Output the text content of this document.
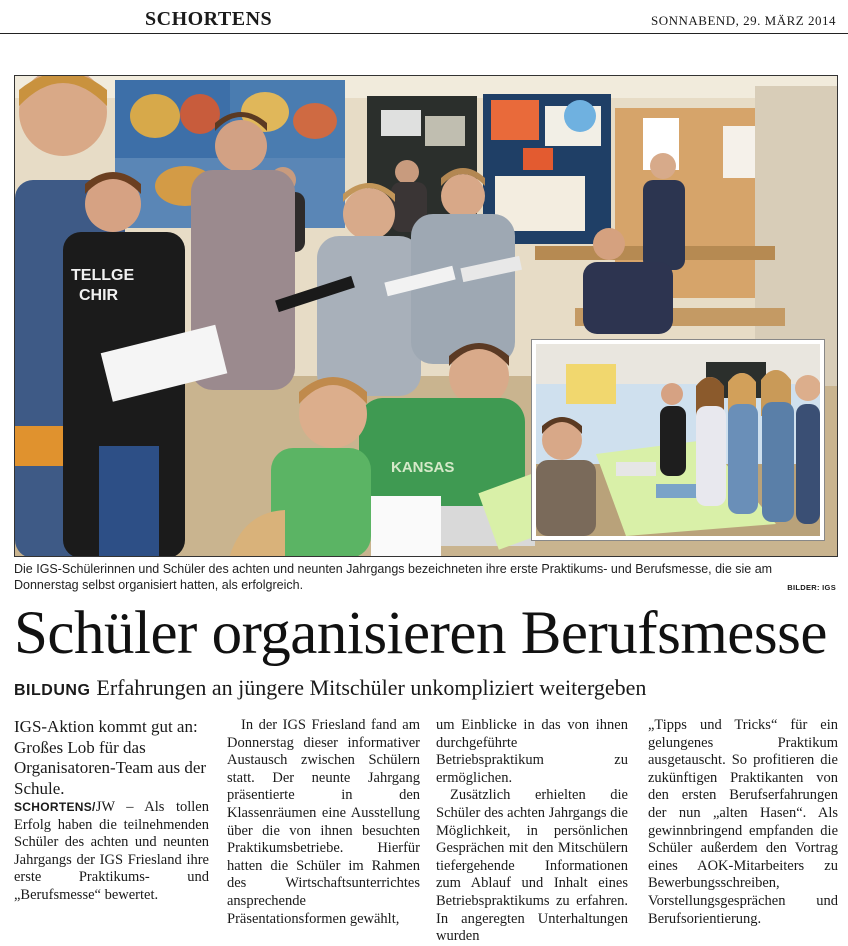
SCHORTENS	SONNABEND, 29. MÄRZ 2014
TELLGE
CHIR
KANSAS
Die IGS-Schülerinnen und Schüler des achten und neunten Jahrgangs bezeichneten ihre erste Praktikums- und Berufsmesse, die sie am Donnerstag selbst organisiert hatten, als erfolgreich.	BILDER: IGS
Schüler organisieren Berufsmesse
BILDUNG Erfahrungen an jüngere Mitschüler unkompliziert weitergeben

IGS-Aktion kommt gut an: Großes Lob für das Organisatoren-Team aus der Schule.

SCHORTENS/JW – Als tollen Erfolg haben die teilnehmenden Schüler des achten und neunten Jahrgangs der IGS Friesland ihre erste Praktikums- und „Berufsmesse“ bewertet.

In der IGS Friesland fand am Donnerstag dieser informativer Austausch zwischen Schülern statt. Der neunte Jahrgang präsentierte in den Klassenräumen eine Ausstellung über die von ihnen besuchten Praktikumsbetriebe. Hierfür hatten die Schüler im Rahmen des Wirtschaftsunterrichtes ansprechende Präsentationsformen gewählt,

um Einblicke in das von ihnen durchgeführte Betriebspraktikum zu ermöglichen.

Zusätzlich erhielten die Schüler des achten Jahrgangs die Möglichkeit, in persönlichen Gesprächen mit den Mitschülern tiefergehende Informationen zum Ablauf und Inhalt eines Betriebspraktikums zu erfahren. In angeregten Unterhaltungen wurden

„Tipps und Tricks“ für ein gelungenes Praktikum ausgetauscht. So profitieren die zukünftigen Praktikanten von den ersten Berufserfahrungen der nun „alten Hasen“. Als gewinnbringend empfanden die Schüler außerdem den Vortrag eines AOK-Mitarbeiters zu Bewerbungsschreiben, Vorstellungsgesprächen und Berufsorientierung.
